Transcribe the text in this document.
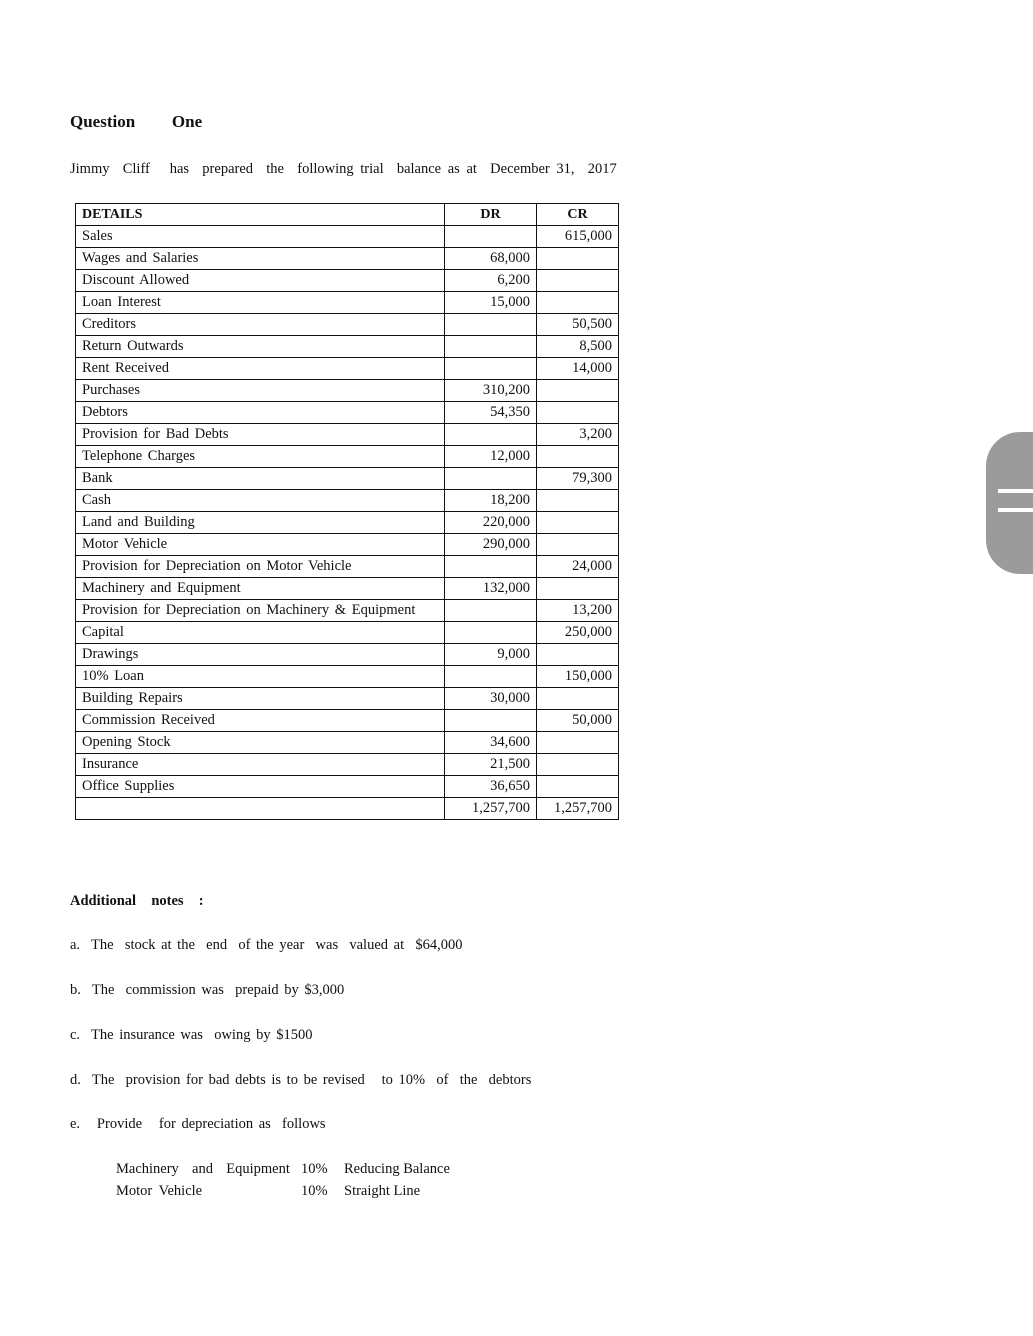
Question   One
Jimmy  Cliff   has  prepared  the  following trial  balance as at  December 31,  2017
DETAILS	DR	CR
Sales		615,000
Wages and Salaries	68,000	
Discount Allowed	6,200	
Loan Interest	15,000	
Creditors		50,500
Return Outwards		8,500
Rent Received		14,000
Purchases	310,200	
Debtors	54,350	
Provision for Bad Debts		3,200
Telephone Charges	12,000	
Bank		79,300
Cash	18,200	
Land and Building	220,000	
Motor Vehicle	290,000	
Provision for Depreciation on Motor Vehicle		24,000
Machinery and Equipment	132,000	
Provision for Depreciation on Machinery & Equipment		13,200
Capital		250,000
Drawings	9,000	
10% Loan		150,000
Building Repairs	30,000	
Commission Received		50,000
Opening Stock	34,600	
Insurance	21,500	
Office Supplies	36,650	
	1,257,700	1,257,700
Additional  notes  :
a.  The  stock at the  end  of the year  was  valued at  $64,000
b.  The  commission was  prepaid by $3,000
c.  The insurance was  owing by $1500
d.  The  provision for bad debts is to be revised   to 10%  of  the  debtors
e.   Provide   for depreciation as  follows
Machinery  and  Equipment 10% Reducing Balance
Motor Vehicle	10% Straight Line
